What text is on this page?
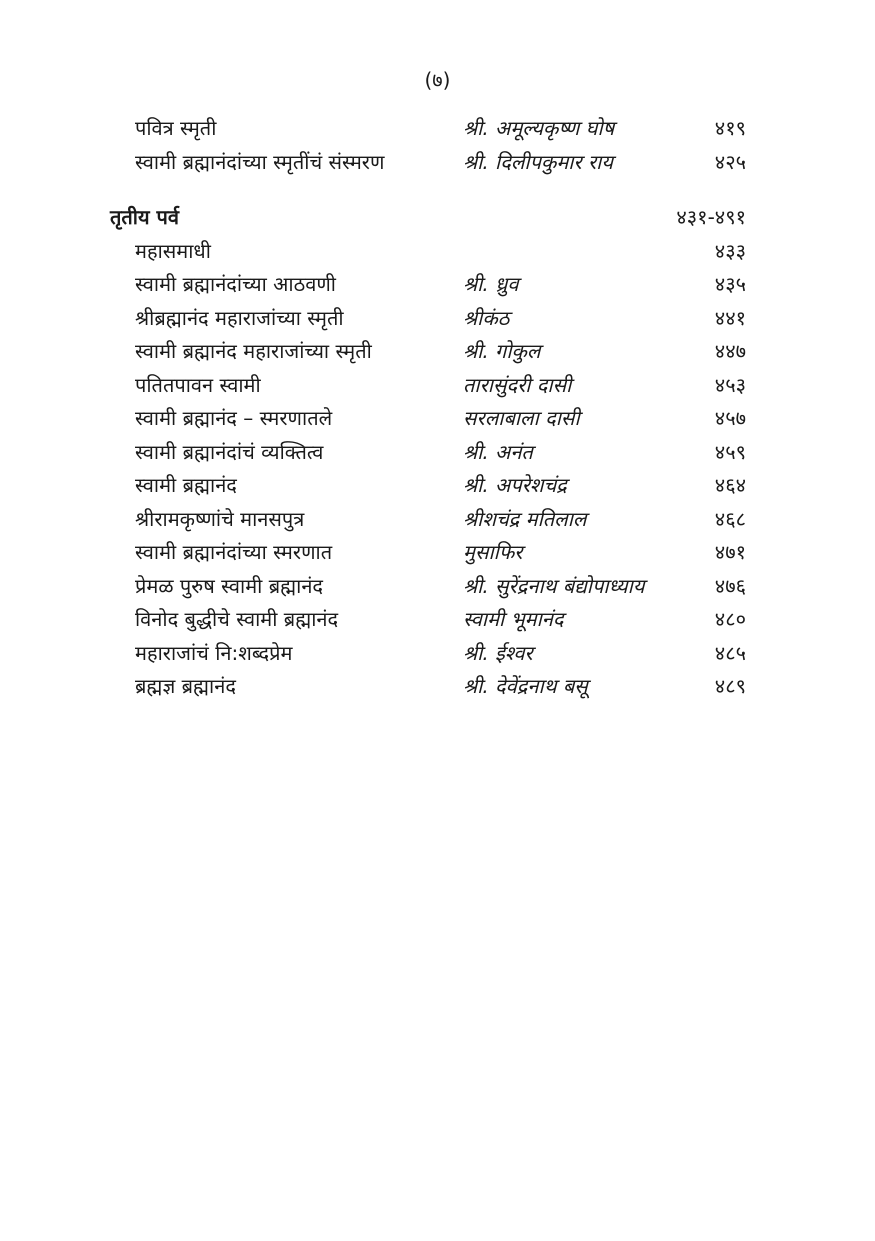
(७)
पवित्र स्मृती	श्री. अमूल्यकृष्ण घोष	४१९
स्वामी ब्रह्मानंदांच्या स्मृतींचं संस्मरण	श्री. दिलीपकुमार राय	४२५
तृतीय पर्व	४३१-४९१
महासमाधी	४३३
स्वामी ब्रह्मानंदांच्या आठवणी	श्री. ध्रुव	४३५
श्रीब्रह्मानंद महाराजांच्या स्मृती	श्रीकंठ	४४१
स्वामी ब्रह्मानंद महाराजांच्या स्मृती	श्री. गोकुल	४४७
पतितपावन स्वामी	तारासुंदरी दासी	४५३
स्वामी ब्रह्मानंद – स्मरणातले	सरलाबाला दासी	४५७
स्वामी ब्रह्मानंदांचं व्यक्तित्व	श्री. अनंत	४५९
स्वामी ब्रह्मानंद	श्री. अपरेशचंद्र	४६४
श्रीरामकृष्णांचे मानसपुत्र	श्रीशचंद्र मतिलाल	४६८
स्वामी ब्रह्मानंदांच्या स्मरणात	मुसाफिर	४७१
प्रेमळ पुरुष स्वामी ब्रह्मानंद	श्री. सुरेंद्रनाथ बंद्योपाध्याय	४७६
विनोद बुद्धीचे स्वामी ब्रह्मानंद	स्वामी भूमानंद	४८०
महाराजांचं नि:शब्दप्रेम	श्री. ईश्वर	४८५
ब्रह्मज्ञ ब्रह्मानंद	श्री. देवेंद्रनाथ बसू	४८९
